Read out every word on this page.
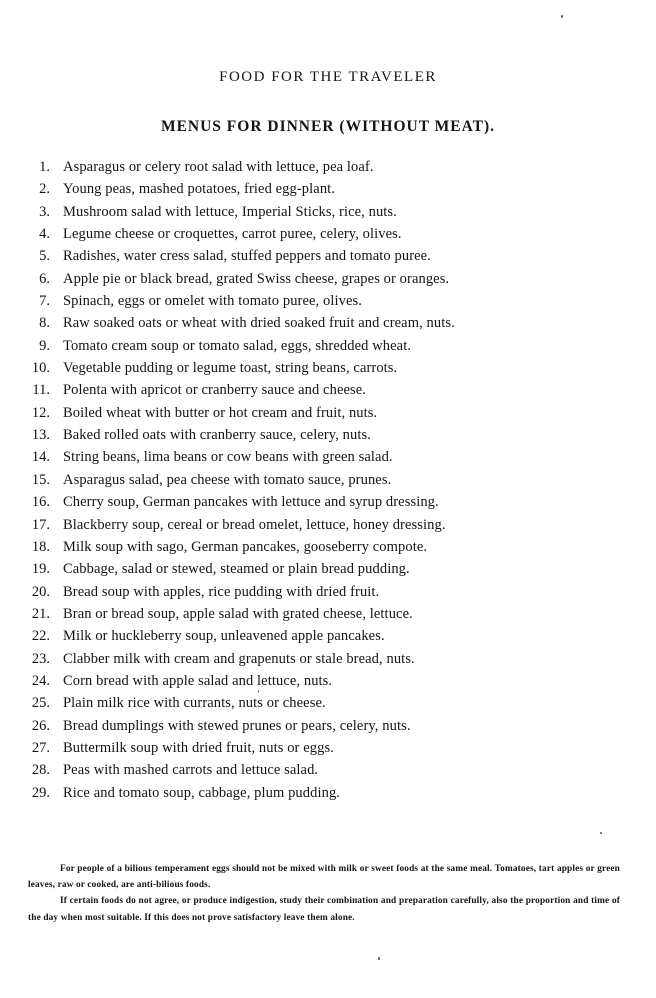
FOOD FOR THE TRAVELER
MENUS FOR DINNER (WITHOUT MEAT).
1. Asparagus or celery root salad with lettuce, pea loaf.
2. Young peas, mashed potatoes, fried egg-plant.
3. Mushroom salad with lettuce, Imperial Sticks, rice, nuts.
4. Legume cheese or croquettes, carrot puree, celery, olives.
5. Radishes, water cress salad, stuffed peppers and tomato puree.
6. Apple pie or black bread, grated Swiss cheese, grapes or oranges.
7. Spinach, eggs or omelet with tomato puree, olives.
8. Raw soaked oats or wheat with dried soaked fruit and cream, nuts.
9. Tomato cream soup or tomato salad, eggs, shredded wheat.
10. Vegetable pudding or legume toast, string beans, carrots.
11. Polenta with apricot or cranberry sauce and cheese.
12. Boiled wheat with butter or hot cream and fruit, nuts.
13. Baked rolled oats with cranberry sauce, celery, nuts.
14. String beans, lima beans or cow beans with green salad.
15. Asparagus salad, pea cheese with tomato sauce, prunes.
16. Cherry soup, German pancakes with lettuce and syrup dressing.
17. Blackberry soup, cereal or bread omelet, lettuce, honey dressing.
18. Milk soup with sago, German pancakes, gooseberry compote.
19. Cabbage, salad or stewed, steamed or plain bread pudding.
20. Bread soup with apples, rice pudding with dried fruit.
21. Bran or bread soup, apple salad with grated cheese, lettuce.
22. Milk or huckleberry soup, unleavened apple pancakes.
23. Clabber milk with cream and grapenuts or stale bread, nuts.
24. Corn bread with apple salad and lettuce, nuts.
25. Plain milk rice with currants, nuts or cheese.
26. Bread dumplings with stewed prunes or pears, celery, nuts.
27. Buttermilk soup with dried fruit, nuts or eggs.
28. Peas with mashed carrots and lettuce salad.
29. Rice and tomato soup, cabbage, plum pudding.

For people of a bilious temperament eggs should not be mixed with milk or sweet foods at the same meal. Tomatoes, tart apples or green leaves, raw or cooked, are anti-bilious foods.

If certain foods do not agree, or produce indigestion, study their combination and preparation carefully, also the proportion and time of the day when most suitable. If this does not prove satisfactory leave them alone.
